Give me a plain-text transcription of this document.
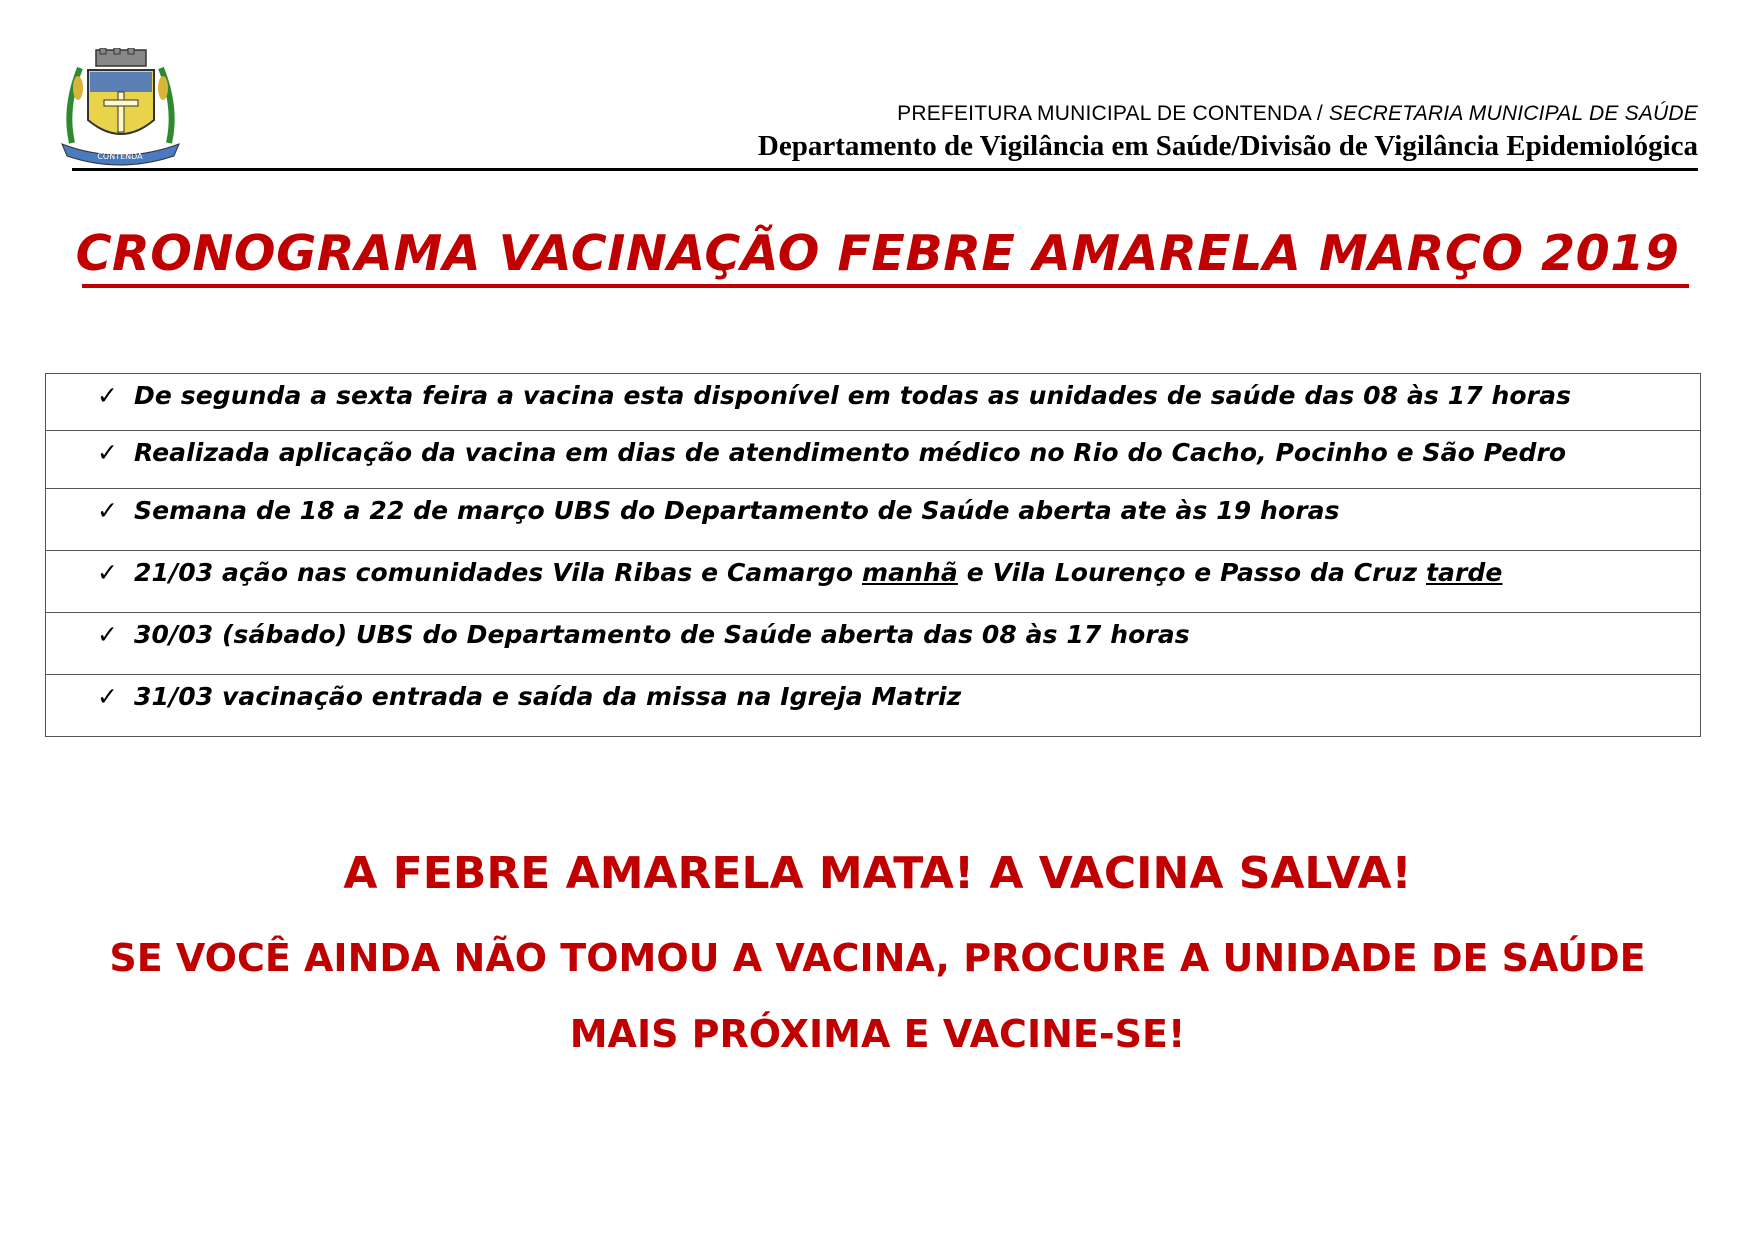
CONTENDA
PREFEITURA MUNICIPAL DE CONTENDA / SECRETARIA MUNICIPAL DE SAÚDE
Departamento de Vigilância em Saúde/Divisão de Vigilância Epidemiológica
CRONOGRAMA VACINAÇÃO FEBRE AMARELA MARÇO 2019
✓ De segunda a sexta feira a vacina esta disponível em todas as unidades de saúde das 08 às 17 horas
✓ Realizada aplicação da vacina em dias de atendimento médico no Rio do Cacho, Pocinho e São Pedro
✓ Semana de 18 a 22 de março UBS do Departamento de Saúde aberta ate às 19 horas
✓ 21/03 ação nas comunidades Vila Ribas e Camargo manhã e Vila Lourenço e Passo da Cruz tarde
✓ 30/03 (sábado) UBS do Departamento de Saúde aberta das 08 às 17 horas
✓ 31/03 vacinação entrada e saída da missa na Igreja Matriz
A FEBRE AMARELA MATA! A VACINA SALVA!
SE VOCÊ AINDA NÃO TOMOU A VACINA, PROCURE A UNIDADE DE SAÚDE
MAIS PRÓXIMA E VACINE-SE!
